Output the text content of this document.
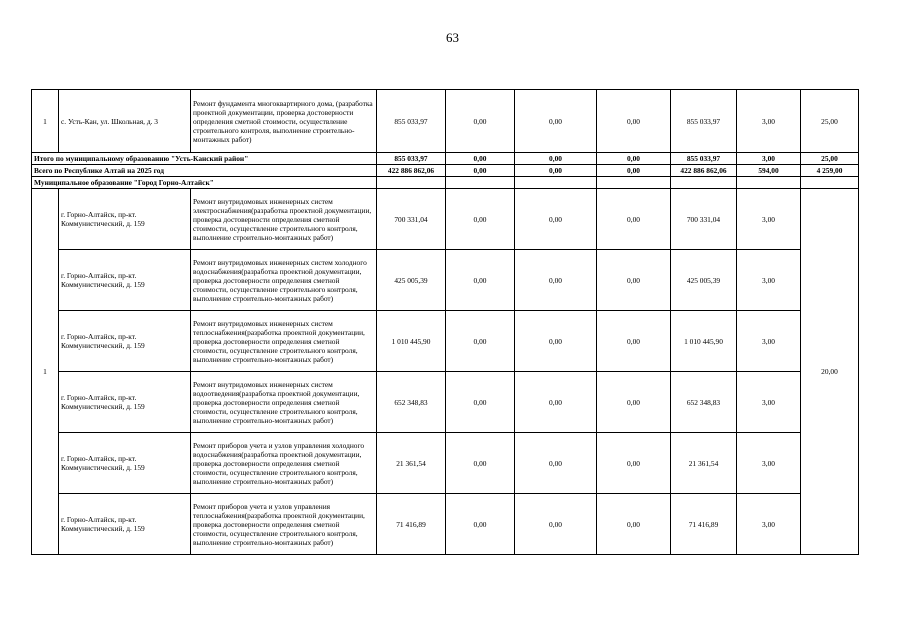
63
1	с. Усть-Кан, ул. Школьная, д. 3	Ремонт фундамента многоквартирного дома, (разработка проектной документации, проверка достоверности определения сметной стоимости, осуществление строительного контроля, выполнение строительно-монтажных работ)	855 033,97	0,00	0,00	0,00	855 033,97	3,00	25,00
Итого по муниципальному образованию "Усть-Канский район"			855 033,97	0,00	0,00	0,00	855 033,97	3,00	25,00
Всего по Республике Алтай на 2025 год			422 886 862,06	0,00	0,00	0,00	422 886 862,06	594,00	4 259,00
Муниципальное образование "Город Горно-Алтайск"									
1	г. Горно-Алтайск, пр-кт. Коммунистический, д. 159	Ремонт внутридомовых инженерных систем электроснабжения(разработка проектной документации, проверка достоверности определения сметной стоимости, осуществление строительного контроля, выполнение строительно-монтажных работ)	700 331,04	0,00	0,00	0,00	700 331,04	3,00	20,00
	г. Горно-Алтайск, пр-кт. Коммунистический, д. 159	Ремонт внутридомовых инженерных систем холодного водоснабжения(разработка проектной документации, проверка достоверности определения сметной стоимости, осуществление строительного контроля, выполнение строительно-монтажных работ)	425 005,39	0,00	0,00	0,00	425 005,39	3,00	
	г. Горно-Алтайск, пр-кт. Коммунистический, д. 159	Ремонт внутридомовых инженерных систем теплоснабжения(разработка проектной документации, проверка достоверности определения сметной стоимости, осуществление строительного контроля, выполнение строительно-монтажных работ)	1 010 445,90	0,00	0,00	0,00	1 010 445,90	3,00	
	г. Горно-Алтайск, пр-кт. Коммунистический, д. 159	Ремонт внутридомовых инженерных систем водоотведения(разработка проектной документации, проверка достоверности определения сметной стоимости, осуществление строительного контроля, выполнение строительно-монтажных работ)	652 348,83	0,00	0,00	0,00	652 348,83	3,00	
	г. Горно-Алтайск, пр-кт. Коммунистический, д. 159	Ремонт приборов учета и узлов управления холодного водоснабжения(разработка проектной документации, проверка достоверности определения сметной стоимости, осуществление строительного контроля, выполнение строительно-монтажных работ)	21 361,54	0,00	0,00	0,00	21 361,54	3,00	
	г. Горно-Алтайск, пр-кт. Коммунистический, д. 159	Ремонт приборов учета и узлов управления теплоснабжения(разработка проектной документации, проверка достоверности определения сметной стоимости, осуществление строительного контроля, выполнение строительно-монтажных работ)	71 416,89	0,00	0,00	0,00	71 416,89	3,00	
